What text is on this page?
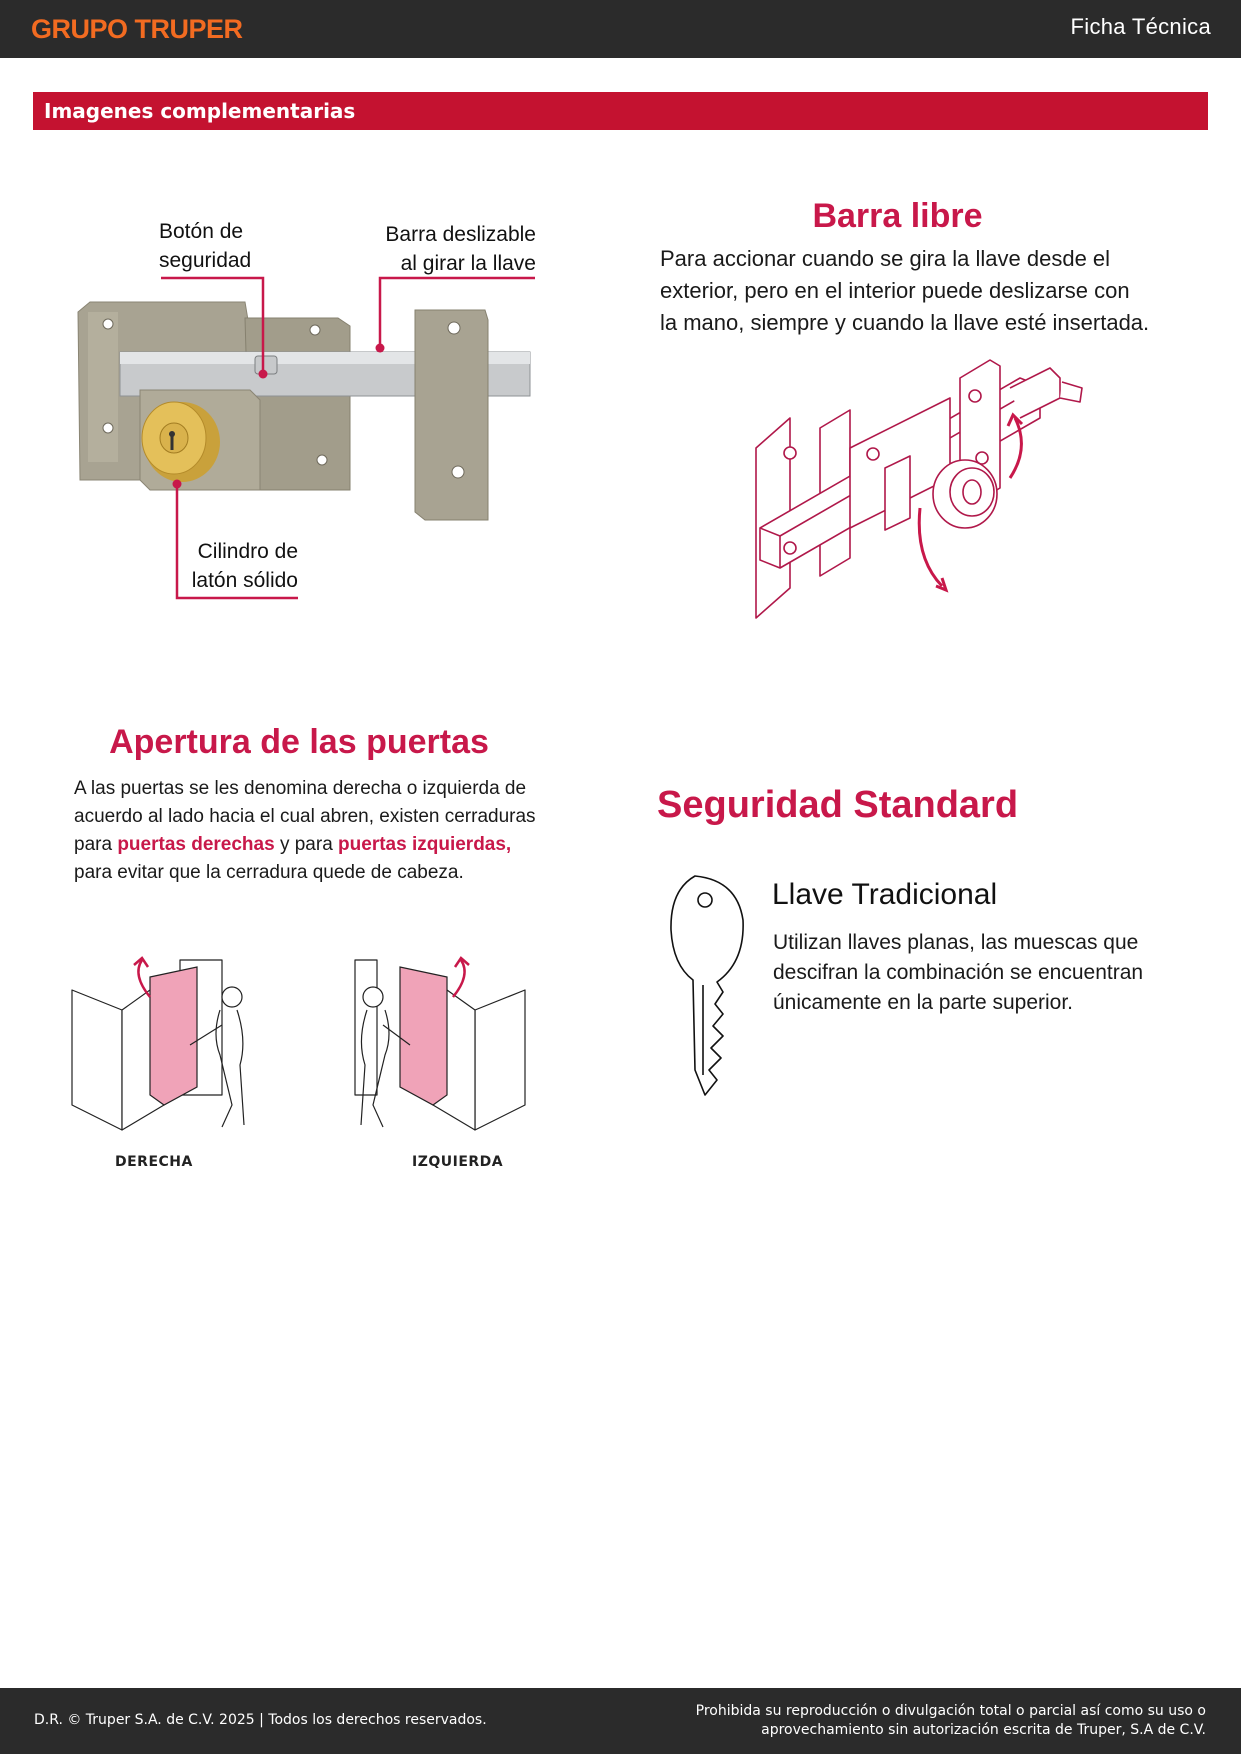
GRUPO TRUPER	Ficha Técnica
Imagenes complementarias
Botón de
seguridad
Barra deslizable
al girar la llave
Cilindro de
latón sólido
Barra libre
Para accionar cuando se gira la llave desde el
exterior, pero en el interior puede deslizarse con
la mano, siempre y cuando la llave esté insertada.
Apertura de las puertas
A las puertas se les denomina derecha o izquierda de
acuerdo al lado hacia el cual abren, existen cerraduras
para puertas derechas y para puertas izquierdas,
para evitar que la cerradura quede de cabeza.
DERECHA	IZQUIERDA
Seguridad Standard
Llave Tradicional
Utilizan llaves planas, las muescas que
descifran la combinación se encuentran
únicamente en la parte superior.
D.R. © Truper S.A. de C.V. 2025 | Todos los derechos reservados.
Prohibida su reproducción o divulgación total o parcial así como su uso o
aprovechamiento sin autorización escrita de Truper, S.A de C.V.
